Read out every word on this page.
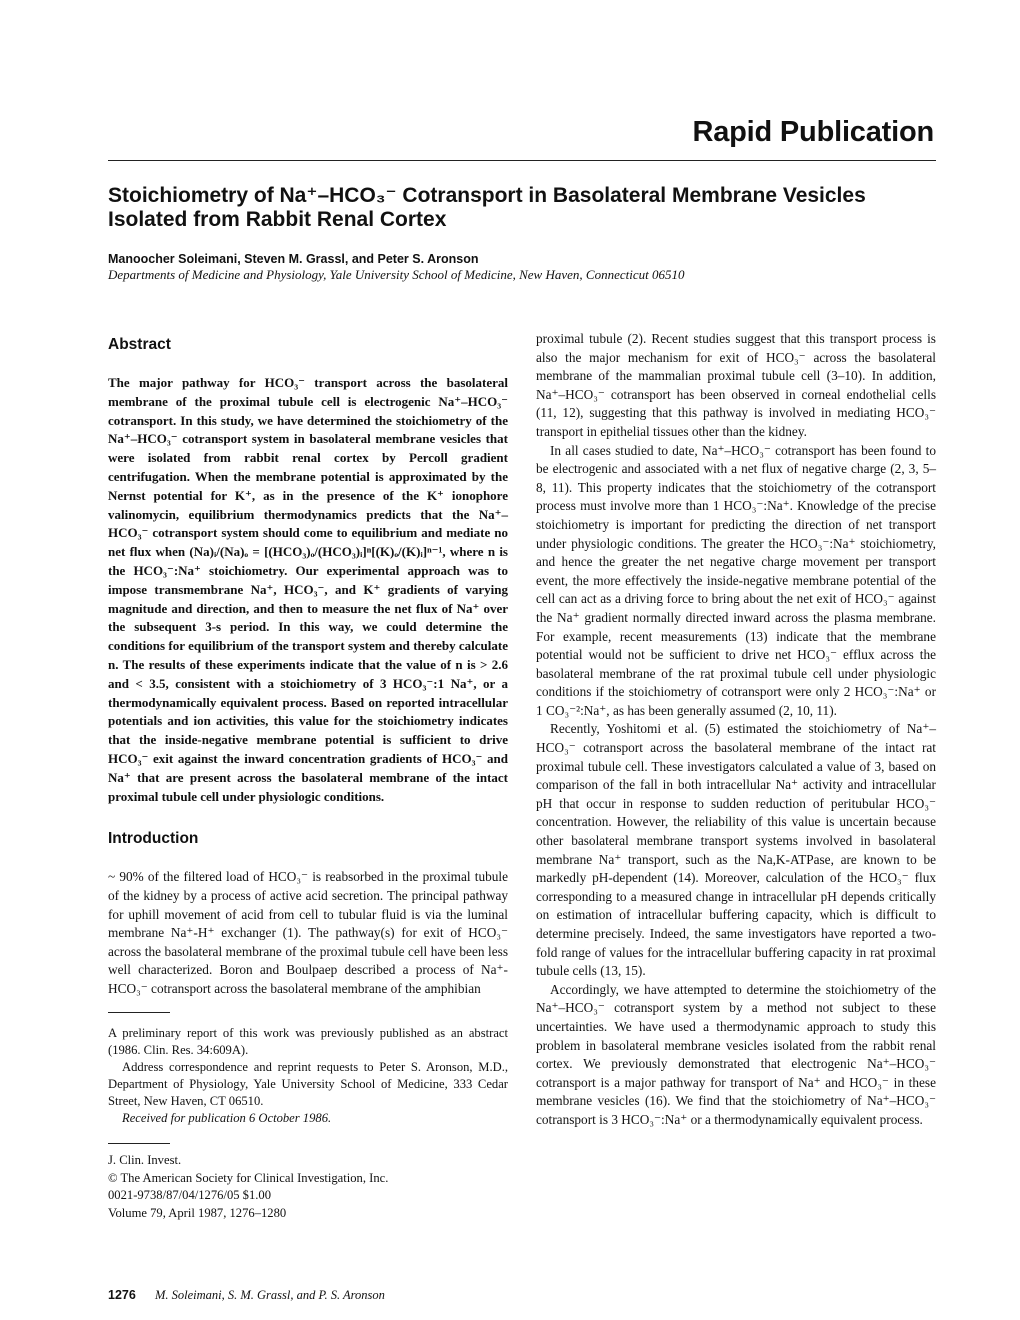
Rapid Publication
Stoichiometry of Na⁺–HCO₃⁻ Cotransport in Basolateral Membrane Vesicles Isolated from Rabbit Renal Cortex
Manoocher Soleimani, Steven M. Grassl, and Peter S. Aronson
Departments of Medicine and Physiology, Yale University School of Medicine, New Haven, Connecticut 06510
Abstract

The major pathway for HCO₃⁻ transport across the basolateral membrane of the proximal tubule cell is electrogenic Na⁺–HCO₃⁻ cotransport. In this study, we have determined the stoichiometry of the Na⁺–HCO₃⁻ cotransport system in basolateral membrane vesicles that were isolated from rabbit renal cortex by Percoll gradient centrifugation. When the membrane potential is approximated by the Nernst potential for K⁺, as in the presence of the K⁺ ionophore valinomycin, equilibrium thermodynamics predicts that the Na⁺–HCO₃⁻ cotransport system should come to equilibrium and mediate no net flux when (Na)ᵢ/(Na)ₒ = [(HCO₃)ₒ/(HCO₃)ᵢ]ⁿ[(K)ₒ/(K)ᵢ]ⁿ⁻¹, where n is the HCO₃⁻:Na⁺ stoichiometry. Our experimental approach was to impose transmembrane Na⁺, HCO₃⁻, and K⁺ gradients of varying magnitude and direction, and then to measure the net flux of Na⁺ over the subsequent 3-s period. In this way, we could determine the conditions for equilibrium of the transport system and thereby calculate n. The results of these experiments indicate that the value of n is > 2.6 and < 3.5, consistent with a stoichiometry of 3 HCO₃⁻:1 Na⁺, or a thermodynamically equivalent process. Based on reported intracellular potentials and ion activities, this value for the stoichiometry indicates that the inside-negative membrane potential is sufficient to drive HCO₃⁻ exit against the inward concentration gradients of HCO₃⁻ and Na⁺ that are present across the basolateral membrane of the intact proximal tubule cell under physiologic conditions.

Introduction

~ 90% of the filtered load of HCO₃⁻ is reabsorbed in the proximal tubule of the kidney by a process of active acid secretion. The principal pathway for uphill movement of acid from cell to tubular fluid is via the luminal membrane Na⁺-H⁺ exchanger (1). The pathway(s) for exit of HCO₃⁻ across the basolateral membrane of the proximal tubule cell have been less well characterized. Boron and Boulpaep described a process of Na⁺-HCO₃⁻ cotransport across the basolateral membrane of the amphibian

A preliminary report of this work was previously published as an abstract (1986. Clin. Res. 34:609A).

Address correspondence and reprint requests to Peter S. Aronson, M.D., Department of Physiology, Yale University School of Medicine, 333 Cedar Street, New Haven, CT 06510.

Received for publication 6 October 1986.

J. Clin. Invest.

© The American Society for Clinical Investigation, Inc.

0021-9738/87/04/1276/05 $1.00

Volume 79, April 1987, 1276–1280

proximal tubule (2). Recent studies suggest that this transport process is also the major mechanism for exit of HCO₃⁻ across the basolateral membrane of the mammalian proximal tubule cell (3–10). In addition, Na⁺–HCO₃⁻ cotransport has been observed in corneal endothelial cells (11, 12), suggesting that this pathway is involved in mediating HCO₃⁻ transport in epithelial tissues other than the kidney.

In all cases studied to date, Na⁺–HCO₃⁻ cotransport has been found to be electrogenic and associated with a net flux of negative charge (2, 3, 5–8, 11). This property indicates that the stoichiometry of the cotransport process must involve more than 1 HCO₃⁻:Na⁺. Knowledge of the precise stoichiometry is important for predicting the direction of net transport under physiologic conditions. The greater the HCO₃⁻:Na⁺ stoichiometry, and hence the greater the net negative charge movement per transport event, the more effectively the inside-negative membrane potential of the cell can act as a driving force to bring about the net exit of HCO₃⁻ against the Na⁺ gradient normally directed inward across the plasma membrane. For example, recent measurements (13) indicate that the membrane potential would not be sufficient to drive net HCO₃⁻ efflux across the basolateral membrane of the rat proximal tubule cell under physiologic conditions if the stoichiometry of cotransport were only 2 HCO₃⁻:Na⁺ or 1 CO₃⁻²:Na⁺, as has been generally assumed (2, 10, 11).

Recently, Yoshitomi et al. (5) estimated the stoichiometry of Na⁺–HCO₃⁻ cotransport across the basolateral membrane of the intact rat proximal tubule cell. These investigators calculated a value of 3, based on comparison of the fall in both intracellular Na⁺ activity and intracellular pH that occur in response to sudden reduction of peritubular HCO₃⁻ concentration. However, the reliability of this value is uncertain because other basolateral membrane transport systems involved in basolateral membrane Na⁺ transport, such as the Na,K-ATPase, are known to be markedly pH-dependent (14). Moreover, calculation of the HCO₃⁻ flux corresponding to a measured change in intracellular pH depends critically on estimation of intracellular buffering capacity, which is difficult to determine precisely. Indeed, the same investigators have reported a two-fold range of values for the intracellular buffering capacity in rat proximal tubule cells (13, 15).

Accordingly, we have attempted to determine the stoichiometry of the Na⁺–HCO₃⁻ cotransport system by a method not subject to these uncertainties. We have used a thermodynamic approach to study this problem in basolateral membrane vesicles isolated from the rabbit renal cortex. We previously demonstrated that electrogenic Na⁺–HCO₃⁻ cotransport is a major pathway for transport of Na⁺ and HCO₃⁻ in these membrane vesicles (16). We find that the stoichiometry of Na⁺–HCO₃⁻ cotransport is 3 HCO₃⁻:Na⁺ or a thermodynamically equivalent process.

1276 M. Soleimani, S. M. Grassl, and P. S. Aronson
